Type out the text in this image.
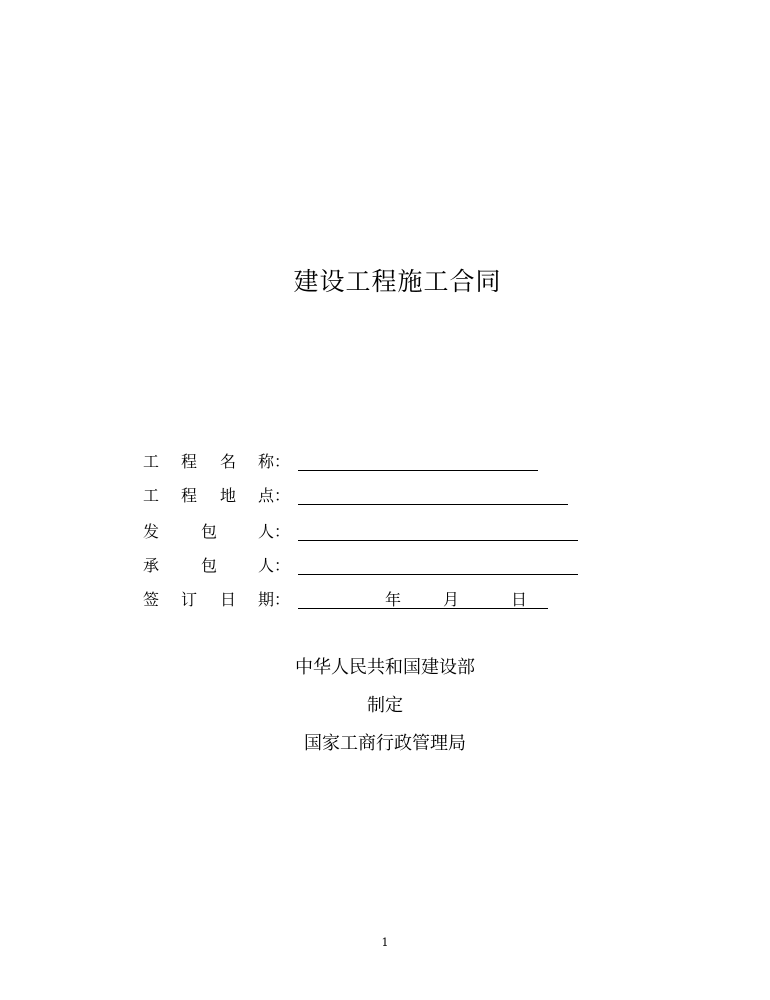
建设工程施工合同
工 程 名 称 ：
工 程 地 点 ：
发	包	人 ：
承	包	人 ：
签 订 日 期 ：	年	月	日
中华人民共和国建设部
制定
国家工商行政管理局
1
